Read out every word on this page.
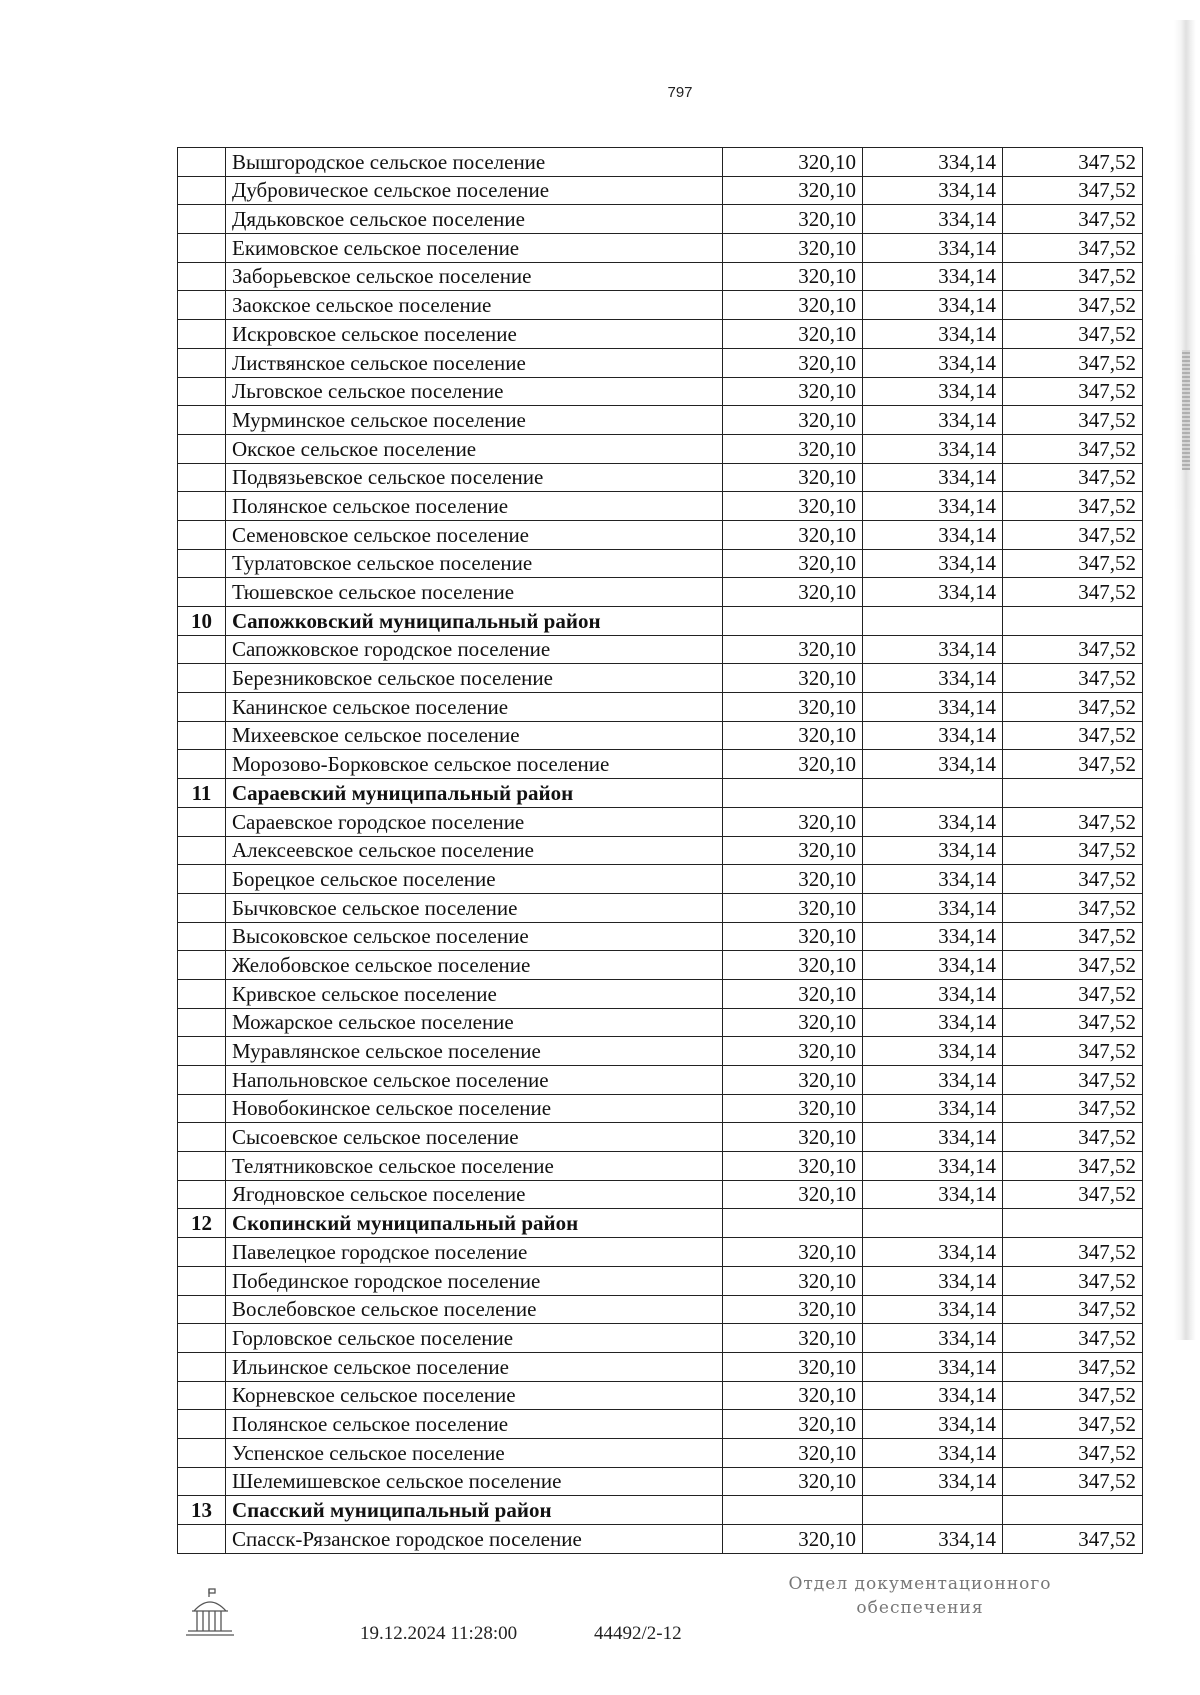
797
	Вышгородское сельское поселение	320,10	334,14	347,52
	Дубровическое сельское поселение	320,10	334,14	347,52
	Дядьковское сельское поселение	320,10	334,14	347,52
	Екимовское сельское поселение	320,10	334,14	347,52
	Заборьевское сельское поселение	320,10	334,14	347,52
	Заокское сельское поселение	320,10	334,14	347,52
	Искровское сельское поселение	320,10	334,14	347,52
	Листвянское сельское поселение	320,10	334,14	347,52
	Льговское сельское поселение	320,10	334,14	347,52
	Мурминское сельское поселение	320,10	334,14	347,52
	Окское сельское поселение	320,10	334,14	347,52
	Подвязьевское сельское поселение	320,10	334,14	347,52
	Полянское сельское поселение	320,10	334,14	347,52
	Семеновское сельское поселение	320,10	334,14	347,52
	Турлатовское сельское поселение	320,10	334,14	347,52
	Тюшевское сельское поселение	320,10	334,14	347,52
10	Сапожковский муниципальный район			
	Сапожковское городское поселение	320,10	334,14	347,52
	Березниковское сельское поселение	320,10	334,14	347,52
	Канинское сельское поселение	320,10	334,14	347,52
	Михеевское сельское поселение	320,10	334,14	347,52
	Морозово-Борковское сельское поселение	320,10	334,14	347,52
11	Сараевский муниципальный район			
	Сараевское городское поселение	320,10	334,14	347,52
	Алексеевское сельское поселение	320,10	334,14	347,52
	Борецкое сельское поселение	320,10	334,14	347,52
	Бычковское сельское поселение	320,10	334,14	347,52
	Высоковское сельское поселение	320,10	334,14	347,52
	Желобовское сельское поселение	320,10	334,14	347,52
	Кривское сельское поселение	320,10	334,14	347,52
	Можарское сельское поселение	320,10	334,14	347,52
	Муравлянское сельское поселение	320,10	334,14	347,52
	Напольновское сельское поселение	320,10	334,14	347,52
	Новобокинское сельское поселение	320,10	334,14	347,52
	Сысоевское сельское поселение	320,10	334,14	347,52
	Телятниковское сельское поселение	320,10	334,14	347,52
	Ягодновское сельское поселение	320,10	334,14	347,52
12	Скопинский муниципальный район			
	Павелецкое городское поселение	320,10	334,14	347,52
	Побединское городское поселение	320,10	334,14	347,52
	Вослебовское сельское поселение	320,10	334,14	347,52
	Горловское сельское поселение	320,10	334,14	347,52
	Ильинское сельское поселение	320,10	334,14	347,52
	Корневское сельское поселение	320,10	334,14	347,52
	Полянское сельское поселение	320,10	334,14	347,52
	Успенское сельское поселение	320,10	334,14	347,52
	Шелемишевское сельское поселение	320,10	334,14	347,52
13	Спасский муниципальный район			
	Спасск-Рязанское городское поселение	320,10	334,14	347,52
19.12.2024 11:28:00	44492/2-12
Отдел документационного
обеспечения
